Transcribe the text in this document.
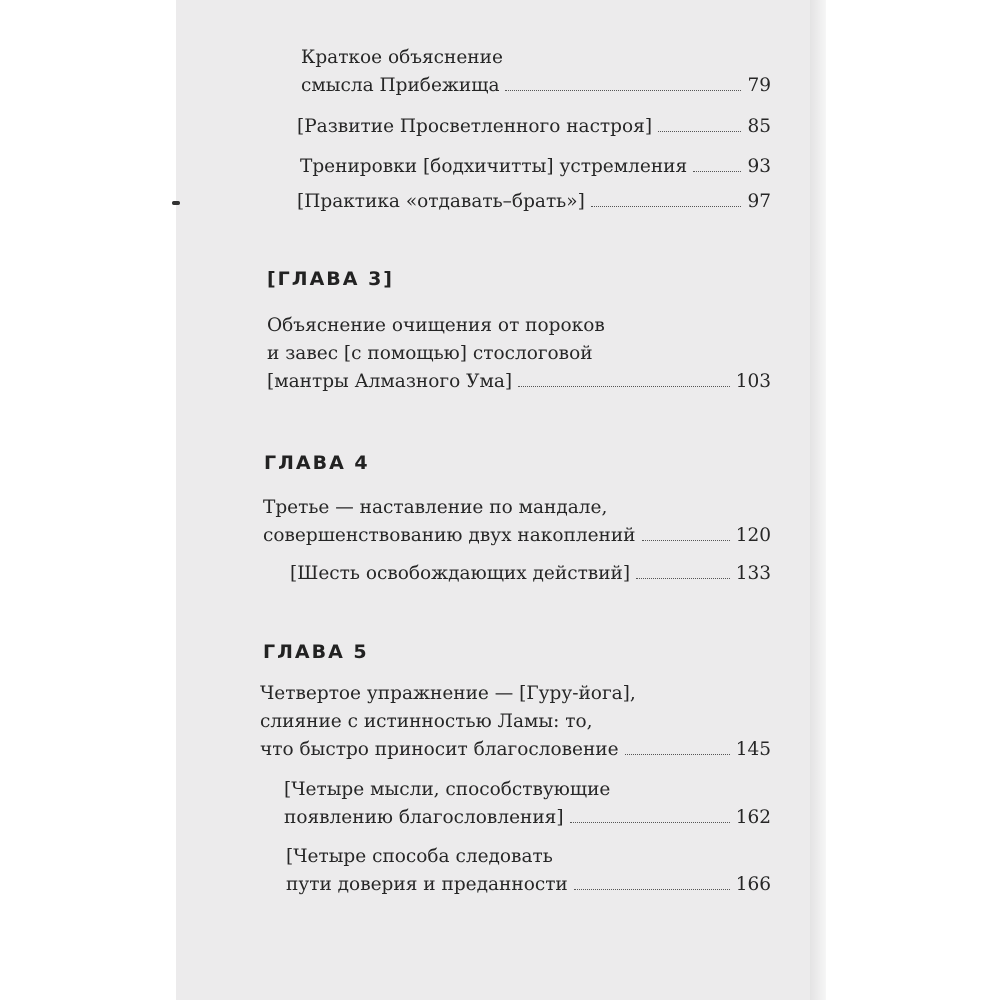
Краткое объяснение
смысла Прибежища	79
[Развитие Просветленного настроя]	85
Тренировки [бодхичитты] устремления	93
[Практика «отдавать–брать»]	97
[ГЛАВА 3]
Объяснение очищения от пороков
и завес [с помощью] стослоговой
[мантры Алмазного Ума]	103
ГЛАВА 4
Третье — наставление по мандале,
совершенствованию двух накоплений	120
[Шесть освобождающих действий]	133
ГЛАВА 5
Четвертое упражнение — [Гуру-йога],
слияние с истинностью Ламы: то,
что быстро приносит благословение	145
[Четыре мысли, способствующие
появлению благословления]	162
[Четыре способа следовать
пути доверия и преданности	166
